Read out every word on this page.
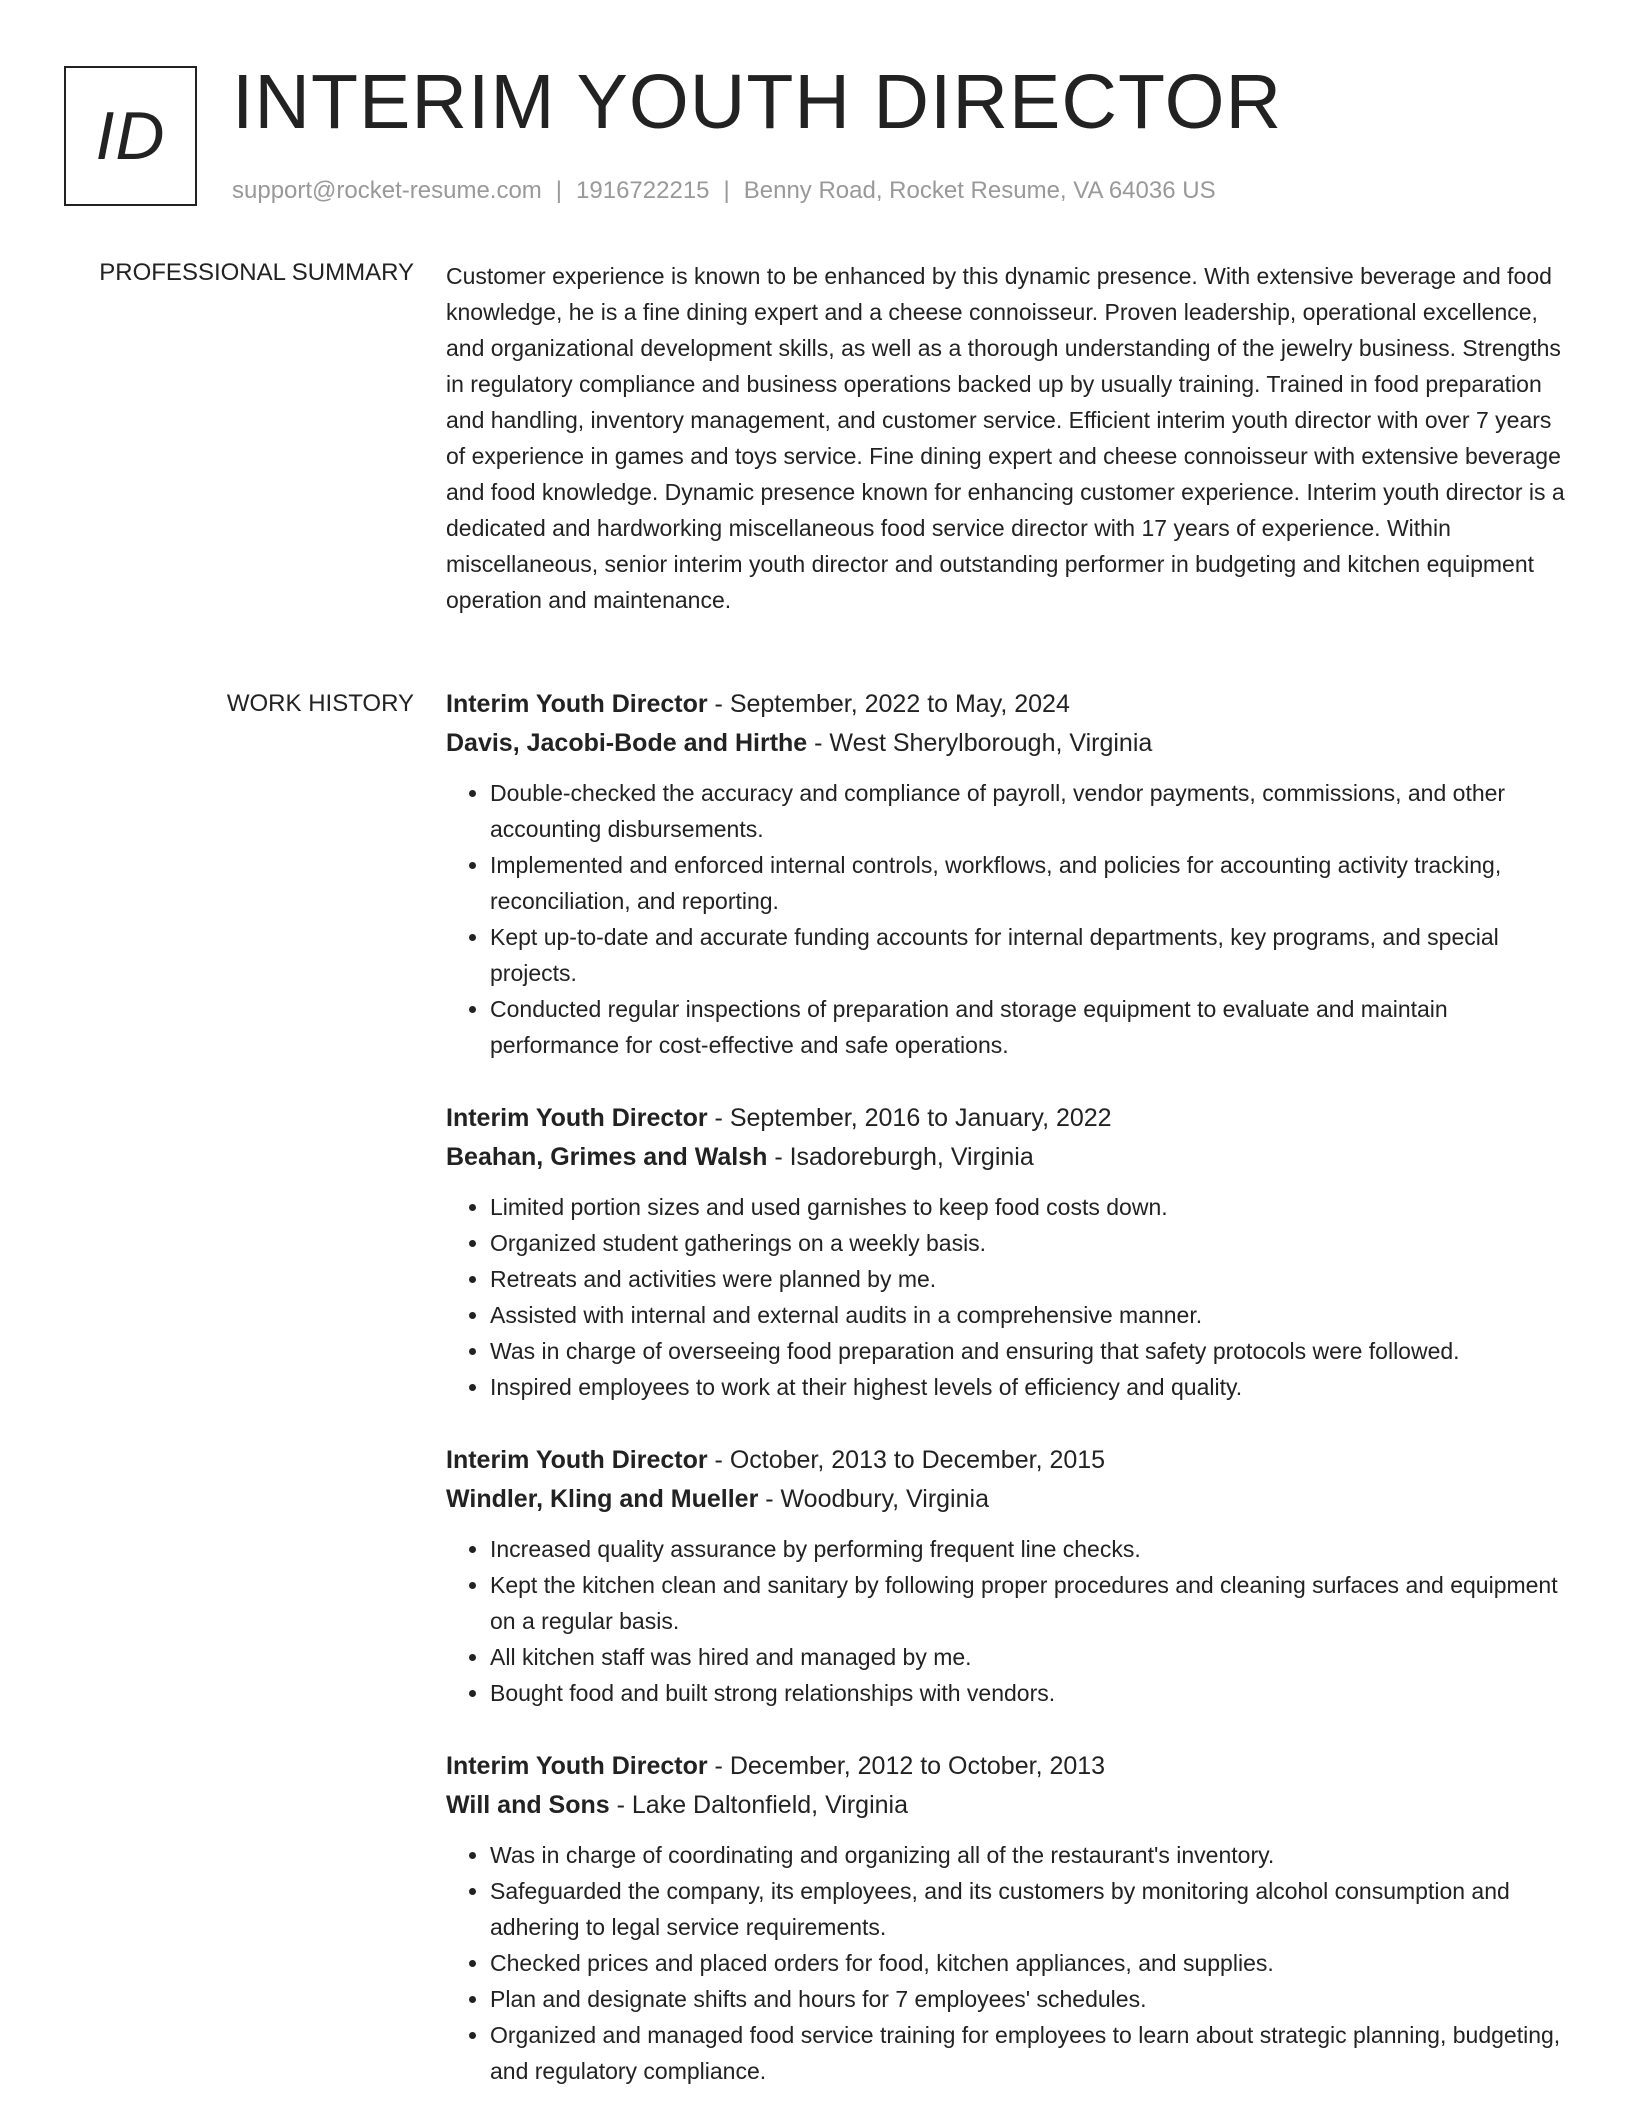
ID INTERIM YOUTH DIRECTOR
support@rocket-resume.com | 1916722215 | Benny Road, Rocket Resume, VA 64036 US
PROFESSIONAL SUMMARY Customer experience is known to be enhanced by this dynamic presence. With extensive beverage and food knowledge, he is a fine dining expert and a cheese connoisseur. Proven leadership, operational excellence, and organizational development skills, as well as a thorough understanding of the jewelry business. Strengths in regulatory compliance and business operations backed up by usually training. Trained in food preparation and handling, inventory management, and customer service. Efficient interim youth director with over 7 years of experience in games and toys service. Fine dining expert and cheese connoisseur with extensive beverage and food knowledge. Dynamic presence known for enhancing customer experience. Interim youth director is a dedicated and hardworking miscellaneous food service director with 17 years of experience. Within miscellaneous, senior interim youth director and outstanding performer in budgeting and kitchen equipment operation and maintenance.

WORK HISTORY Interim Youth Director - September, 2022 to May, 2024
Davis, Jacobi-Bode and Hirthe - West Sherylborough, Virginia
• Double-checked the accuracy and compliance of payroll, vendor payments, commissions, and other accounting disbursements.
• Implemented and enforced internal controls, workflows, and policies for accounting activity tracking, reconciliation, and reporting.
• Kept up-to-date and accurate funding accounts for internal departments, key programs, and special projects.
• Conducted regular inspections of preparation and storage equipment to evaluate and maintain performance for cost-effective and safe operations.
Interim Youth Director - September, 2016 to January, 2022
Beahan, Grimes and Walsh - Isadoreburgh, Virginia
• Limited portion sizes and used garnishes to keep food costs down.
• Organized student gatherings on a weekly basis.
• Retreats and activities were planned by me.
• Assisted with internal and external audits in a comprehensive manner.
• Was in charge of overseeing food preparation and ensuring that safety protocols were followed.
• Inspired employees to work at their highest levels of efficiency and quality.
Interim Youth Director - October, 2013 to December, 2015
Windler, Kling and Mueller - Woodbury, Virginia
• Increased quality assurance by performing frequent line checks.
• Kept the kitchen clean and sanitary by following proper procedures and cleaning surfaces and equipment on a regular basis.
• All kitchen staff was hired and managed by me.
• Bought food and built strong relationships with vendors.
Interim Youth Director - December, 2012 to October, 2013
Will and Sons - Lake Daltonfield, Virginia
• Was in charge of coordinating and organizing all of the restaurant's inventory.
• Safeguarded the company, its employees, and its customers by monitoring alcohol consumption and adhering to legal service requirements.
• Checked prices and placed orders for food, kitchen appliances, and supplies.
• Plan and designate shifts and hours for 7 employees' schedules.
• Organized and managed food service training for employees to learn about strategic planning, budgeting, and regulatory compliance.
